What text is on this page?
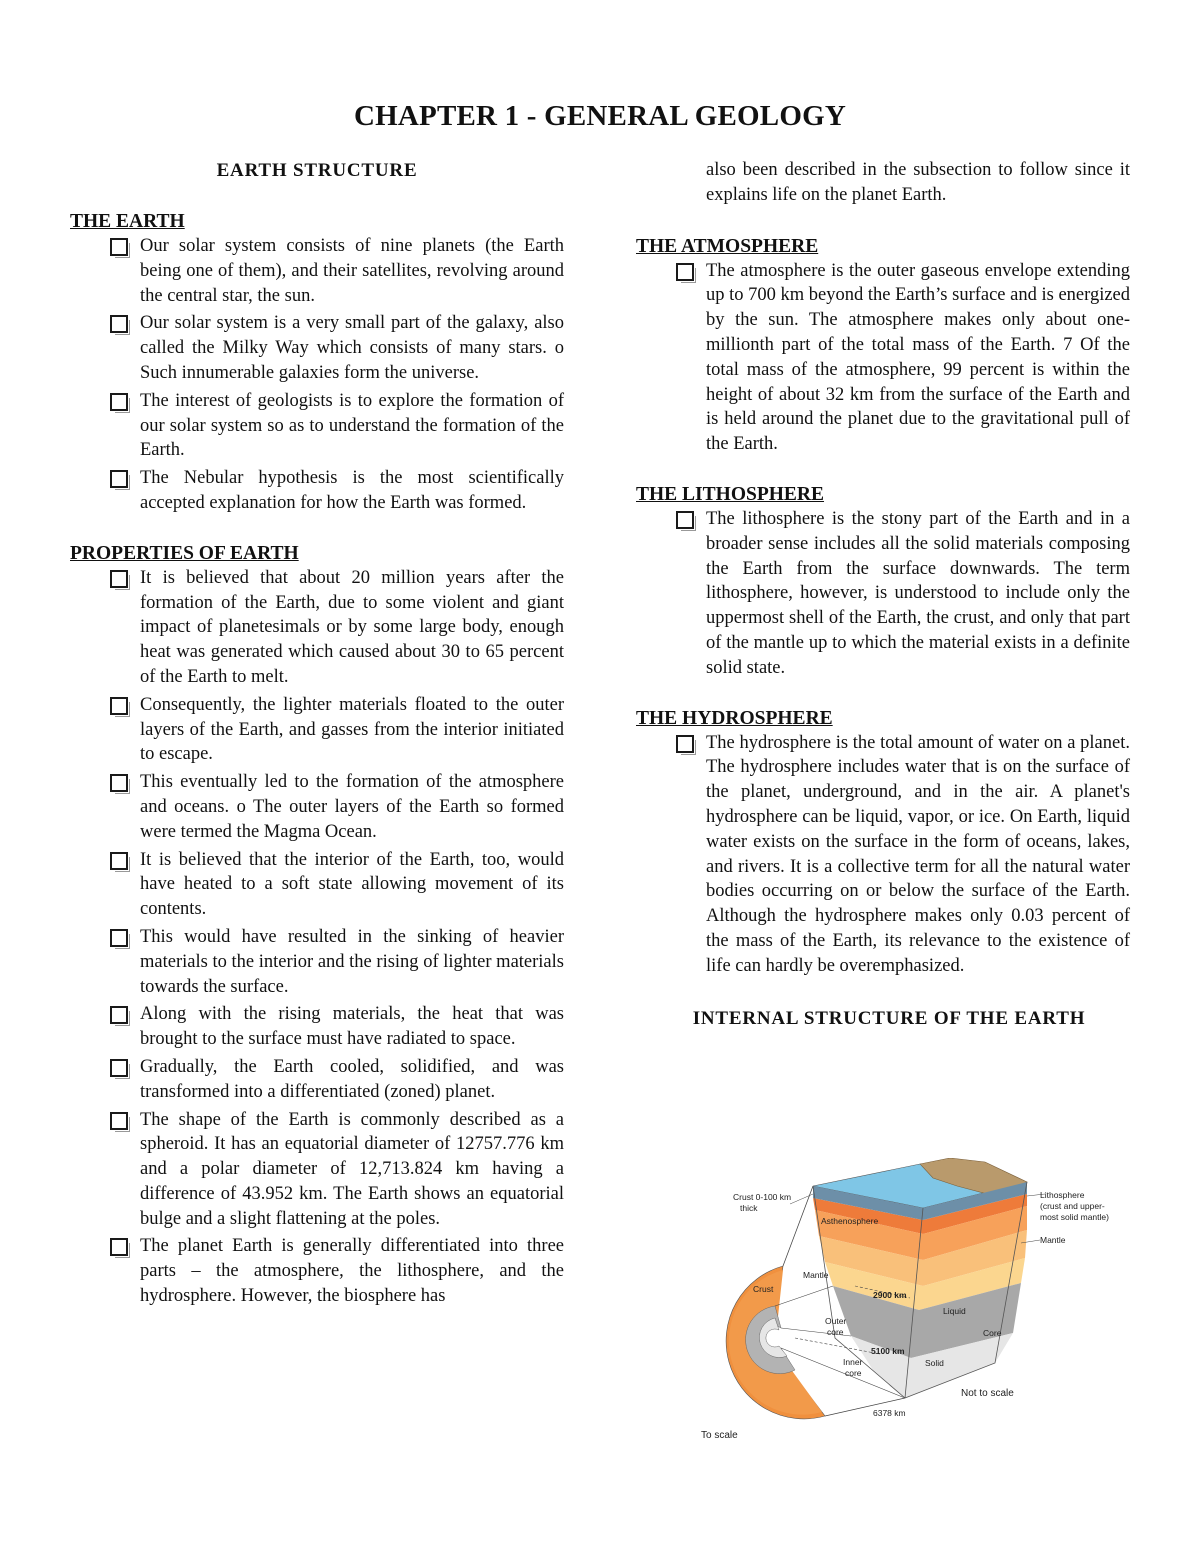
CHAPTER 1 - GENERAL GEOLOGY

EARTH STRUCTURE

THE EARTH

Our solar system consists of nine planets (the Earth being one of them), and their satellites, revolving around the central star, the sun.
Our solar system is a very small part of the galaxy, also called the Milky Way which consists of many stars. o Such innumerable galaxies form the universe.
The interest of geologists is to explore the formation of our solar system so as to understand the formation of the Earth.
The Nebular hypothesis is the most scientifically accepted explanation for how the Earth was formed.

PROPERTIES OF EARTH

It is believed that about 20 million years after the formation of the Earth, due to some violent and giant impact of planetesimals or by some large body, enough heat was generated which caused about 30 to 65 percent of the Earth to melt.
Consequently, the lighter materials floated to the outer layers of the Earth, and gasses from the interior initiated to escape.
This eventually led to the formation of the atmosphere and oceans. o The outer layers of the Earth so formed were termed the Magma Ocean.
It is believed that the interior of the Earth, too, would have heated to a soft state allowing movement of its contents.
This would have resulted in the sinking of heavier materials to the interior and the rising of lighter materials towards the surface.
Along with the rising materials, the heat that was brought to the surface must have radiated to space.
Gradually, the Earth cooled, solidified, and was transformed into a differentiated (zoned) planet.
The shape of the Earth is commonly described as a spheroid. It has an equatorial diameter of 12757.776 km and a polar diameter of 12,713.824 km having a difference of 43.952 km. The Earth shows an equatorial bulge and a slight flattening at the poles.
The planet Earth is generally differentiated into three parts – the atmosphere, the lithosphere, and the hydrosphere. However, the biosphere has

also been described in the subsection to follow since it explains life on the planet Earth.

THE ATMOSPHERE

The atmosphere is the outer gaseous envelope extending up to 700 km beyond the Earth’s surface and is energized by the sun. The atmosphere makes only about one-millionth part of the total mass of the Earth. 7 Of the total mass of the atmosphere, 99 percent is within the height of about 32 km from the surface of the Earth and is held around the planet due to the gravitational pull of the Earth.

THE LITHOSPHERE

The lithosphere is the stony part of the Earth and in a broader sense includes all the solid materials composing the Earth from the surface downwards. The term lithosphere, however, is understood to include only the uppermost shell of the Earth, the crust, and only that part of the mantle up to which the material exists in a definite solid state.

THE HYDROSPHERE

The hydrosphere is the total amount of water on a planet. The hydrosphere includes water that is on the surface of the planet, underground, and in the air. A planet's hydrosphere can be liquid, vapor, or ice. On Earth, liquid water exists on the surface in the form of oceans, lakes, and rivers. It is a collective term for all the natural water bodies occurring on or below the surface of the Earth. Although the hydrosphere makes only 0.03 percent of the mass of the Earth, its relevance to the existence of life can hardly be overemphasized.

INTERNAL STRUCTURE OF THE EARTH

Crust 0-100 km
thick
Lithosphere
(crust and upper-
most solid mantle)
Asthenosphere
Mantle
Mantle
Crust
2900 km
Liquid
Outer
core	Core
5100 km
Inner
core
Solid
Not to scale
6378 km
To scale
